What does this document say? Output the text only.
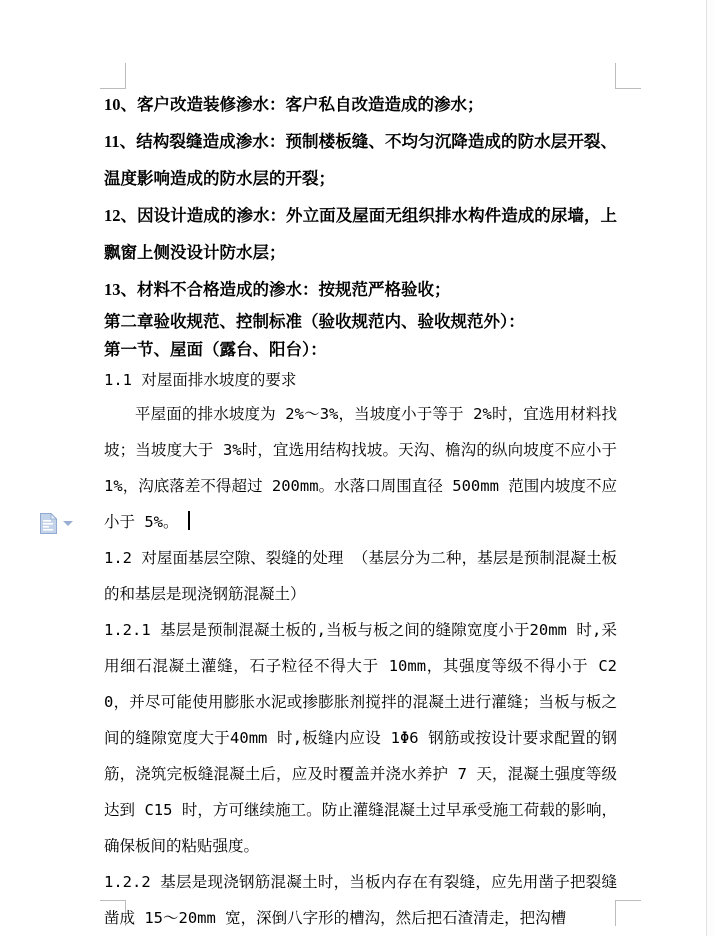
10、客户改造装修渗水：客户私自改造造成的渗水；

11、结构裂缝造成渗水：预制楼板缝、不均匀沉降造成的防水层开裂、温度影响造成的防水层的开裂；

12、因设计造成的渗水：外立面及屋面无组织排水构件造成的尿墙，上飘窗上侧没设计防水层；

13、材料不合格造成的渗水：按规范严格验收；

第二章验收规范、控制标准（验收规范内、验收规范外）：

第一节、屋面（露台、阳台）：

1.1 对屋面排水坡度的要求

平屋面的排水坡度为 2%～3%，当坡度小于等于 2%时，宜选用材料找坡；当坡度大于 3%时，宜选用结构找坡。天沟、檐沟的纵向坡度不应小于 1%，沟底落差不得超过 200mm。水落口周围直径 500mm 范围内坡度不应小于 5%。

1.2 对屋面基层空隙、裂缝的处理 （基层分为二种，基层是预制混凝土板的和基层是现浇钢筋混凝土）

1.2.1 基层是预制混凝土板的,当板与板之间的缝隙宽度小于20mm 时,采用细石混凝土灌缝，石子粒径不得大于 10mm，其强度等级不得小于 C20，并尽可能使用膨胀水泥或掺膨胀剂搅拌的混凝土进行灌缝；当板与板之间的缝隙宽度大于40mm 时,板缝内应设 1Φ6 钢筋或按设计要求配置的钢筋，浇筑完板缝混凝土后，应及时覆盖并浇水养护 7 天，混凝土强度等级达到 C15 时，方可继续施工。防止灌缝混凝土过早承受施工荷载的影响，确保板间的粘贴强度。

1.2.2 基层是现浇钢筋混凝土时，当板内存在有裂缝，应先用凿子把裂缝凿成 15～20mm 宽，深倒八字形的槽沟，然后把石渣清走，把沟槽
